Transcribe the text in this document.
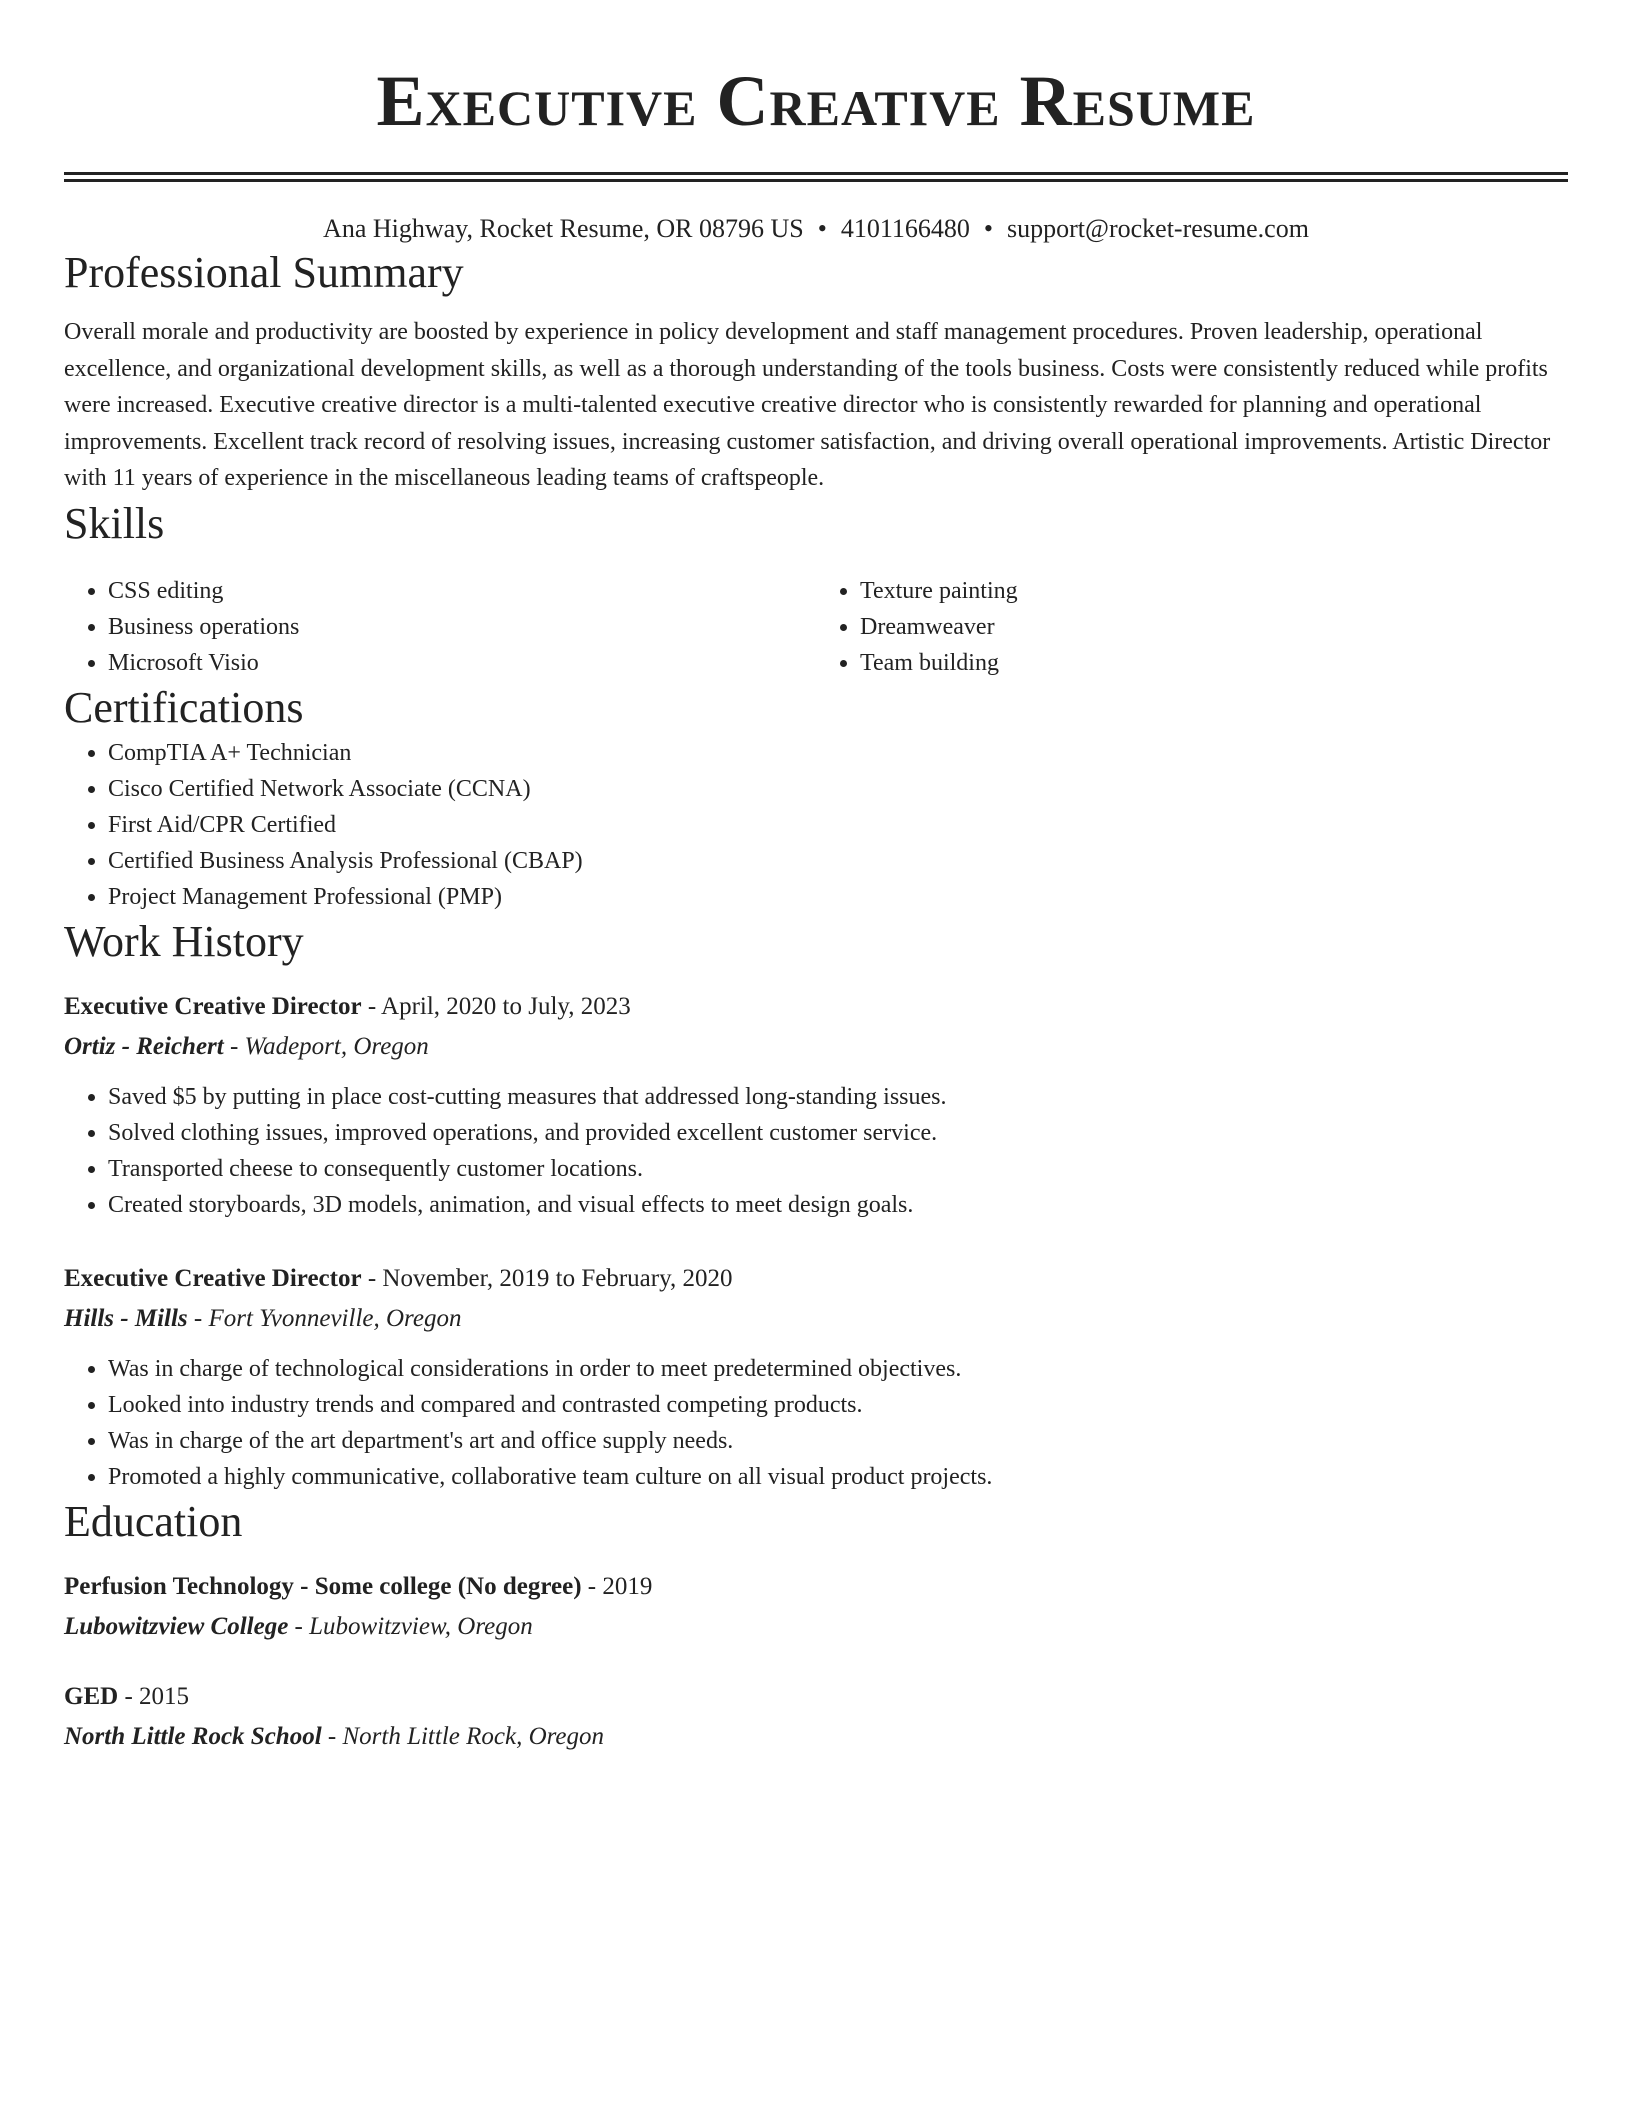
Executive Creative Resume
Ana Highway, Rocket Resume, OR 08796 US • 4101166480 • support@rocket-resume.com
Professional Summary

Overall morale and productivity are boosted by experience in policy development and staff management procedures. Proven leadership, operational excellence, and organizational development skills, as well as a thorough understanding of the tools business. Costs were consistently reduced while profits were increased. Executive creative director is a multi-talented executive creative director who is consistently rewarded for planning and operational improvements. Excellent track record of resolving issues, increasing customer satisfaction, and driving overall operational improvements. Artistic Director with 11 years of experience in the miscellaneous leading teams of craftspeople.

Skills
• CSS editing
• Business operations
• Microsoft Visio
• Texture painting
• Dreamweaver
• Team building
Certifications
• CompTIA A+ Technician
• Cisco Certified Network Associate (CCNA)
• First Aid/CPR Certified
• Certified Business Analysis Professional (CBAP)
• Project Management Professional (PMP)
Work History
Executive Creative Director - April, 2020 to July, 2023
Ortiz - Reichert - Wadeport, Oregon
• Saved $5 by putting in place cost-cutting measures that addressed long-standing issues.
• Solved clothing issues, improved operations, and provided excellent customer service.
• Transported cheese to consequently customer locations.
• Created storyboards, 3D models, animation, and visual effects to meet design goals.
Executive Creative Director - November, 2019 to February, 2020
Hills - Mills - Fort Yvonneville, Oregon
• Was in charge of technological considerations in order to meet predetermined objectives.
• Looked into industry trends and compared and contrasted competing products.
• Was in charge of the art department's art and office supply needs.
• Promoted a highly communicative, collaborative team culture on all visual product projects.
Education
Perfusion Technology - Some college (No degree) - 2019
Lubowitzview College - Lubowitzview, Oregon
GED - 2015
North Little Rock School - North Little Rock, Oregon
